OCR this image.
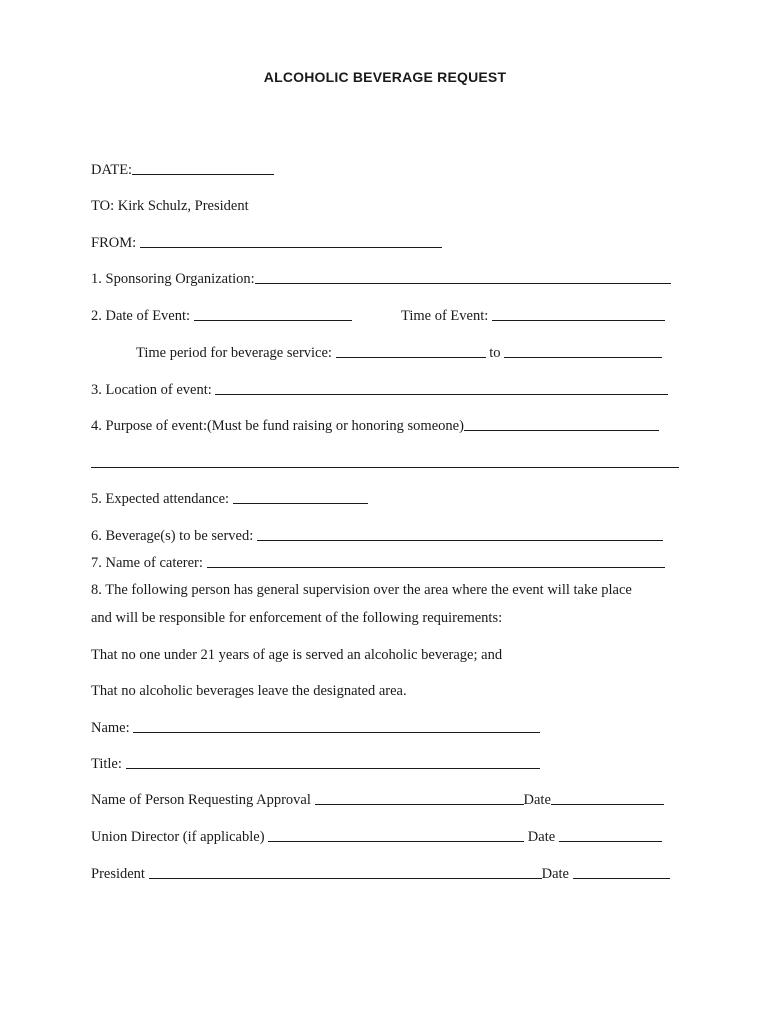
ALCOHOLIC BEVERAGE REQUEST
DATE:
TO: Kirk Schulz, President
FROM:
1. Sponsoring Organization:
2. Date of Event:	Time of Event:
Time period for beverage service:	to
3. Location of event:
4. Purpose of event:(Must be fund raising or honoring someone)
5. Expected attendance:
6. Beverage(s) to be served:
7. Name of caterer:
8. The following person has general supervision over the area where the event will take place
and will be responsible for enforcement of the following requirements:
That no one under 21 years of age is served an alcoholic beverage; and
That no alcoholic beverages leave the designated area.
Name:
Title:
Name of Person Requesting Approval	Date
Union Director (if applicable)	Date
President	Date
